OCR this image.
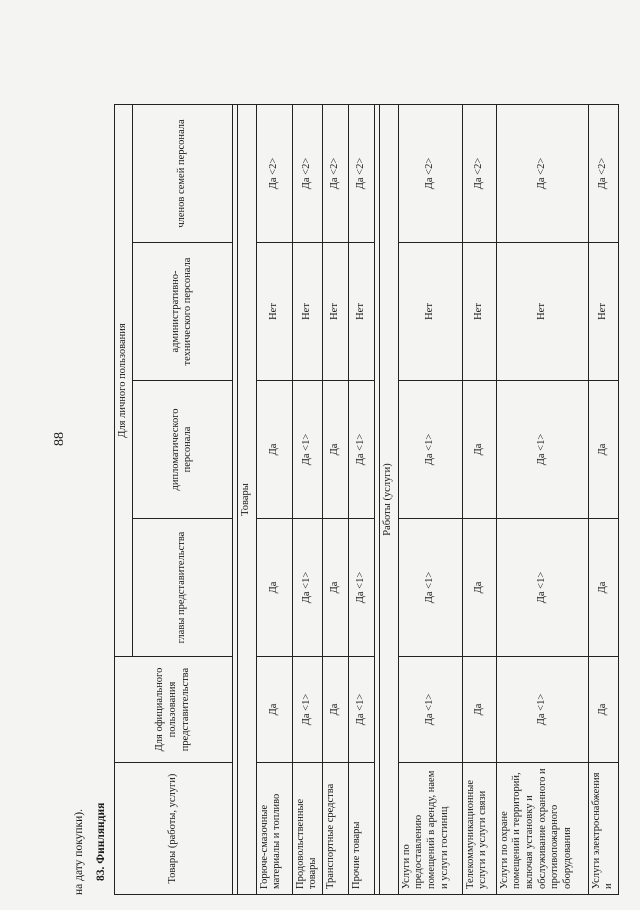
88
на дату покупки). 83. Финляндия	Товары (работы, услуги)	Для официального пользования представительства	Для личного пользования			
		главы представительства	дипломатического персонала	административно-технического персонала	членов семей персонала

Товары					
Горюче-смазочные материалы и топливо	Да	Да	Да	Нет	Да <2>
Продовольственные товары	Да <1>	Да <1>	Да <1>	Нет	Да <2>
Транспортные средства	Да	Да	Да	Нет	Да <2>
Прочие товары	Да <1>	Да <1>	Да <1>	Нет	Да <2>

Работы (услуги)					
Услуги по предоставлению помещений в аренду, наем и услуги гостиниц	Да <1>	Да <1>	Да <1>	Нет	Да <2>
Телекоммуникационные услуги и услуги связи	Да	Да	Да	Нет	Да <2>
Услуги по охране помещений и территорий, включая установку и обслуживание охранного и противопожарного оборудования	Да <1>	Да <1>	Да <1>	Нет	Да <2>
Услуги электроснабжения и	Да	Да	Да	Нет	Да <2>
